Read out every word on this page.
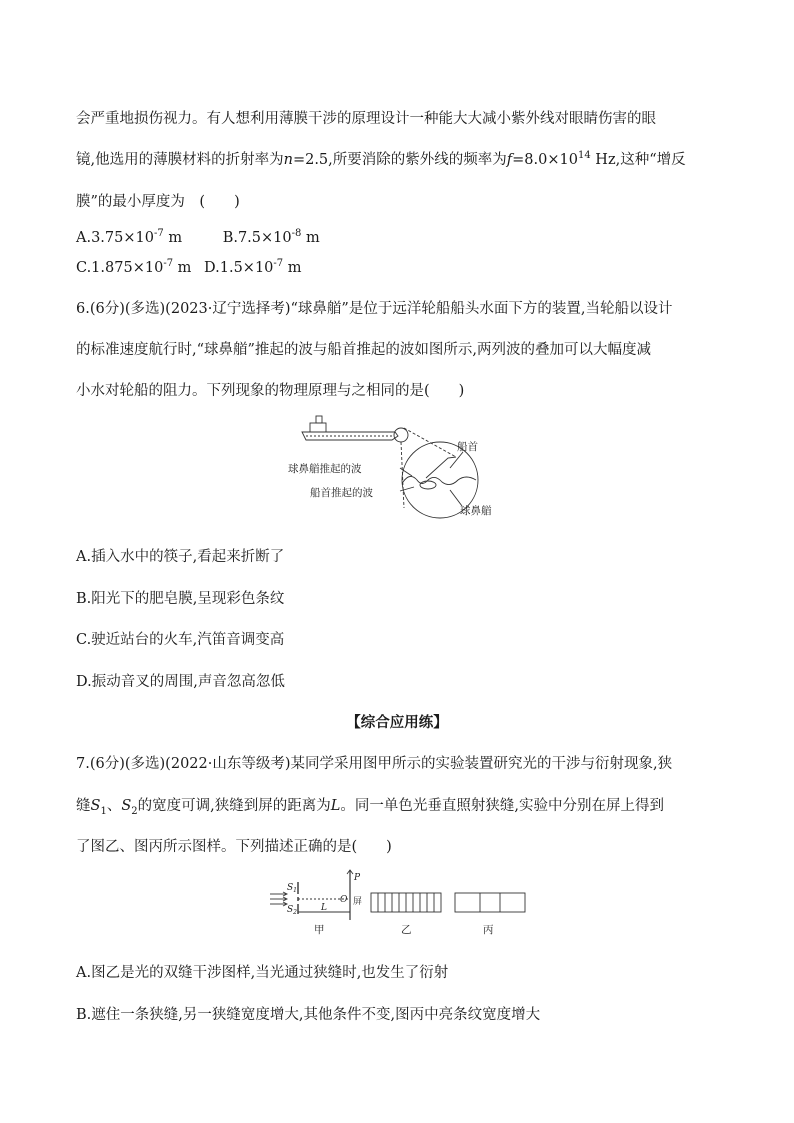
会严重地损伤视力。有人想利用薄膜干涉的原理设计一种能大大减小紫外线对眼睛伤害的眼
镜,他选用的薄膜材料的折射率为n=2.5,所要消除的紫外线的频率为$f=8.0\times 10^{14}$ Hz,这种“增反
膜”的最小厚度为　(　　)
$A.3.75\times 10^{-7}$ m	$B.7.5\times 10^{-8}$ m
$C.1.875\times 10^{-7}$ m $D.1.5\times 10^{-7}$ m
6.(6分)(多选)(2023·辽宁选择考)“球鼻艏”是位于远洋轮船船头水面下方的装置,当轮船以设计
的标准速度航行时,“球鼻艏”推起的波与船首推起的波如图所示,两列波的叠加可以大幅度减
小水对轮船的阻力。下列现象的物理原理与之相同的是(　　)
船首
球鼻艏推起的波
船首推起的波
球鼻艏
A.插入水中的筷子,看起来折断了
B.阳光下的肥皂膜,呈现彩色条纹
C.驶近站台的火车,汽笛音调变高
D.振动音叉的周围,声音忽高忽低
【综合应用练】
7.(6分)(多选)(2022·山东等级考)某同学采用图甲所示的实验装置研究光的干涉与衍射现象,狭
缝$S_1$、$S_2$的宽度可调,狭缝到屏的距离为L。同一单色光垂直照射狭缝,实验中分别在屏上得到
了图乙、图丙所示图样。下列描述正确的是(　　)
$S_1$
$S_2$
P
O
L
屏
甲	乙	丙
A.图乙是光的双缝干涉图样,当光通过狭缝时,也发生了衍射
B.遮住一条狭缝,另一狭缝宽度增大,其他条件不变,图丙中亮条纹宽度增大
